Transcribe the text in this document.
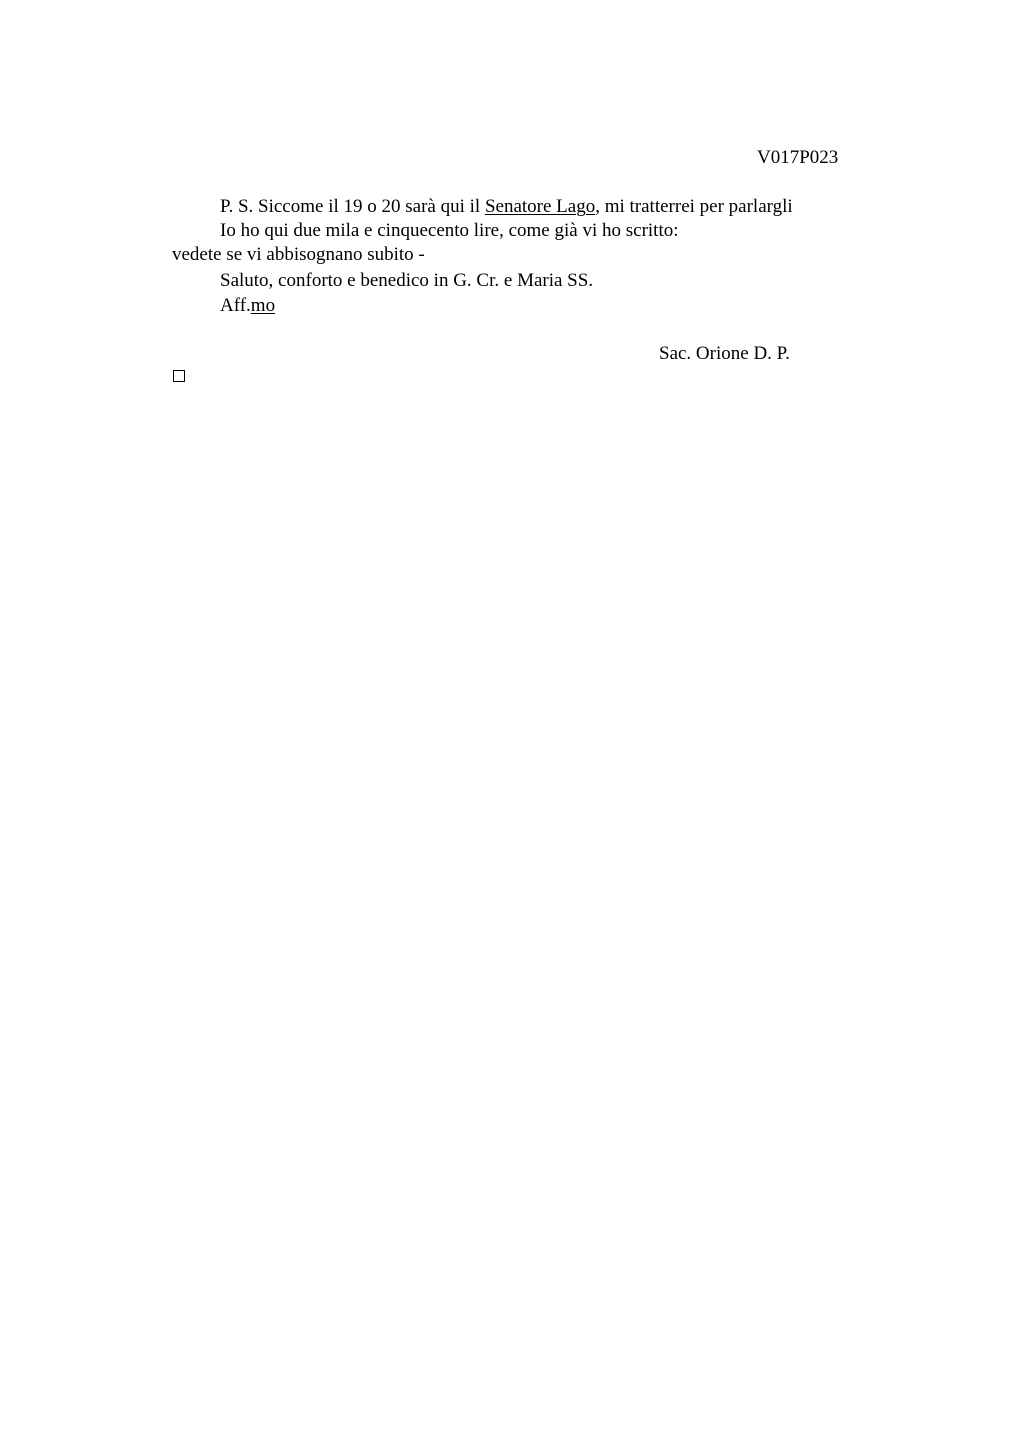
V017P023
P. S. Siccome il 19 o 20 sarà qui il Senatore Lago, mi tratterrei per parlargli
Io ho qui due mila e cinquecento lire, come già vi ho scritto:
vedete se vi abbisognano subito -
Saluto, conforto e benedico in G. Cr. e Maria SS.
Aff.mo
Sac. Orione D. P.
